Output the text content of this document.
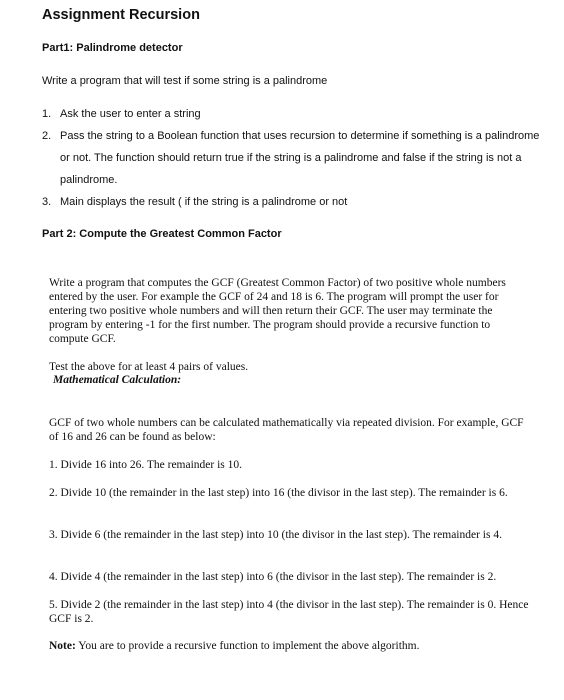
Assignment Recursion
Part1: Palindrome detector
Write a program that will test if some string is a palindrome
1. Ask the user to enter a string
2. Pass the string to a Boolean function that uses recursion to determine if something is a palindrome or not. The function should return true if the string is a palindrome and false if the string is not a palindrome.
3. Main displays the result ( if the string is a palindrome or not
Part 2: Compute the Greatest Common Factor

Write a program that computes the GCF (Greatest Common Factor) of two positive whole numbers entered by the user. For example the GCF of 24 and 18 is 6. The program will prompt the user for entering two positive whole numbers and will then return their GCF. The user may terminate the program by entering -1 for the first number. The program should provide a recursive function to compute GCF.

Test the above for at least 4 pairs of values.

Mathematical Calculation:

GCF of two whole numbers can be calculated mathematically via repeated division. For example, GCF of 16 and 26 can be found as below:

1. Divide 16 into 26. The remainder is 10.

2. Divide 10 (the remainder in the last step) into 16 (the divisor in the last step). The remainder is 6.

3. Divide 6 (the remainder in the last step) into 10 (the divisor in the last step). The remainder is 4.

4. Divide 4 (the remainder in the last step) into 6 (the divisor in the last step). The remainder is 2.

5. Divide 2 (the remainder in the last step) into 4 (the divisor in the last step). The remainder is 0. Hence GCF is 2.

Note: You are to provide a recursive function to implement the above algorithm.
